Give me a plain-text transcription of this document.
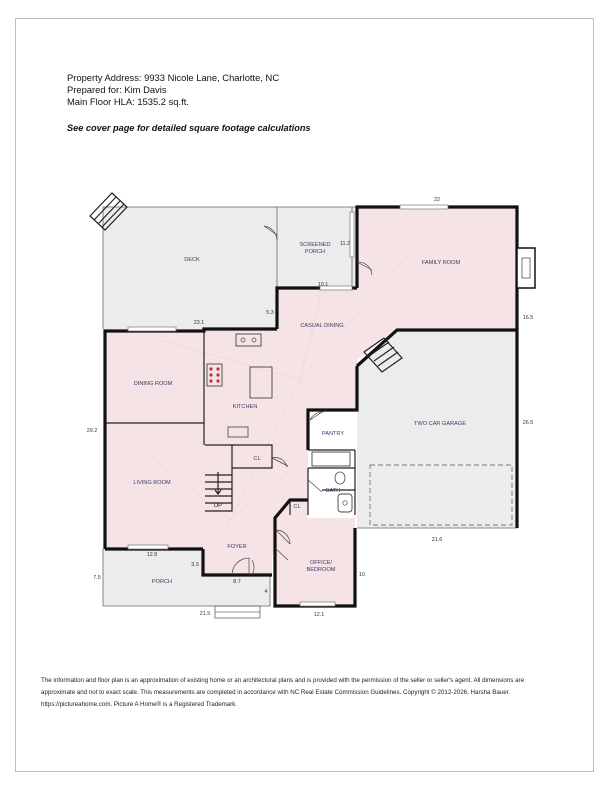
Property Address: 9933 Nicole Lane, Charlotte, NC
Prepared for: Kim Davis
Main Floor HLA: 1535.2 sq.ft.
See cover page for detailed square footage calculations
DECK
SCREENED
PORCH
FAMILY ROOM
CASUAL DINING
DINING ROOM
KITCHEN
PANTRY
TWO CAR GARAGE
CL
LIVING ROOM
BATH
CL
UP
FOYER
OFFICE/
BEDROOM
PORCH
22
11.2
23.1
5.3
10.1
16.5
29.2
26.5
12.8
3.3
8.7
7.5
21.5
4
10
12.1
21.6
The information and floor plan is an approximation of existing home or an architectural plans and is provided with the permission of the seller or seller's agent. All dimensions are approximate and not to exact scale. This measurements are completed in accordance with NC Real Estate Commission Guidelines. Copyright © 2012-2026, Harsha Bauer. https://pictureahome.com. Picture A Home® is a Registered Trademark.
